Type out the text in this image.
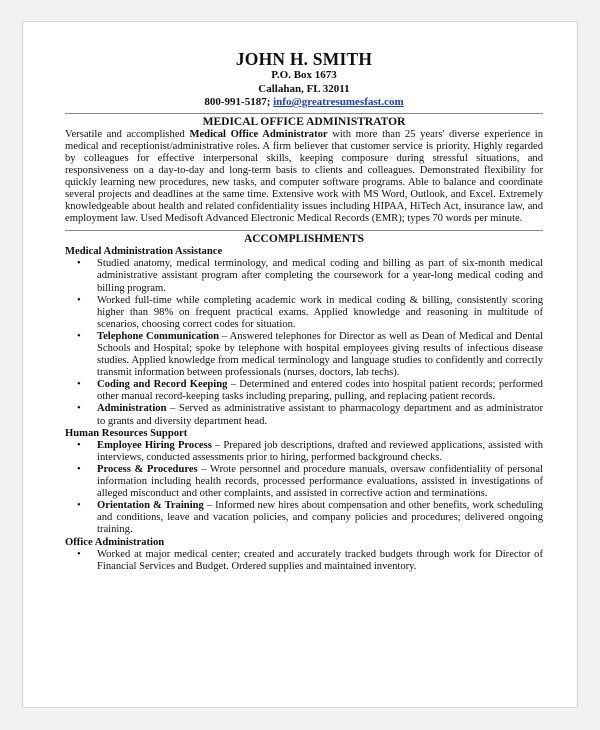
JOHN H. SMITH
P.O. Box 1673
Callahan, FL 32011
800-991-5187; info@greatresumesfast.com
MEDICAL OFFICE ADMINISTRATOR
Versatile and accomplished Medical Office Administrator with more than 25 years' diverse experience in medical and receptionist/administrative roles. A firm believer that customer service is priority. Highly regarded by colleagues for effective interpersonal skills, keeping composure during stressful situations, and responsiveness on a day-to-day and long-term basis to clients and colleagues. Demonstrated flexibility for quickly learning new procedures, new tasks, and computer software programs. Able to balance and coordinate several projects and deadlines at the same time. Extensive work with MS Word, Outlook, and Excel. Extremely knowledgeable about health and related confidentiality issues including HIPAA, HiTech Act, insurance law, and employment law. Used Medisoft Advanced Electronic Medical Records (EMR); types 70 words per minute.
ACCOMPLISHMENTS
Medical Administration Assistance
• Studied anatomy, medical terminology, and medical coding and billing as part of six-month medical administrative assistant program after completing the coursework for a year-long medical coding and billing program.
• Worked full-time while completing academic work in medical coding & billing, consistently scoring higher than 98% on frequent practical exams. Applied knowledge and reasoning in multitude of scenarios, choosing correct codes for situation.
• Telephone Communication – Answered telephones for Director as well as Dean of Medical and Dental Schools and Hospital; spoke by telephone with hospital employees giving results of infectious disease studies. Applied knowledge from medical terminology and language studies to confidently and correctly transmit information between professionals (nurses, doctors, lab techs).
• Coding and Record Keeping – Determined and entered codes into hospital patient records; performed other manual record-keeping tasks including preparing, pulling, and replacing patient records.
• Administration – Served as administrative assistant to pharmacology department and as administrator to grants and diversity department head.
Human Resources Support
• Employee Hiring Process – Prepared job descriptions, drafted and reviewed applications, assisted with interviews, conducted assessments prior to hiring, performed background checks.
• Process & Procedures – Wrote personnel and procedure manuals, oversaw confidentiality of personal information including health records, processed performance evaluations, assisted in investigations of alleged misconduct and other complaints, and assisted in corrective action and terminations.
• Orientation & Training – Informed new hires about compensation and other benefits, work scheduling and conditions, leave and vacation policies, and company policies and procedures; delivered ongoing training.
Office Administration
• Worked at major medical center; created and accurately tracked budgets through work for Director of Financial Services and Budget. Ordered supplies and maintained inventory.
